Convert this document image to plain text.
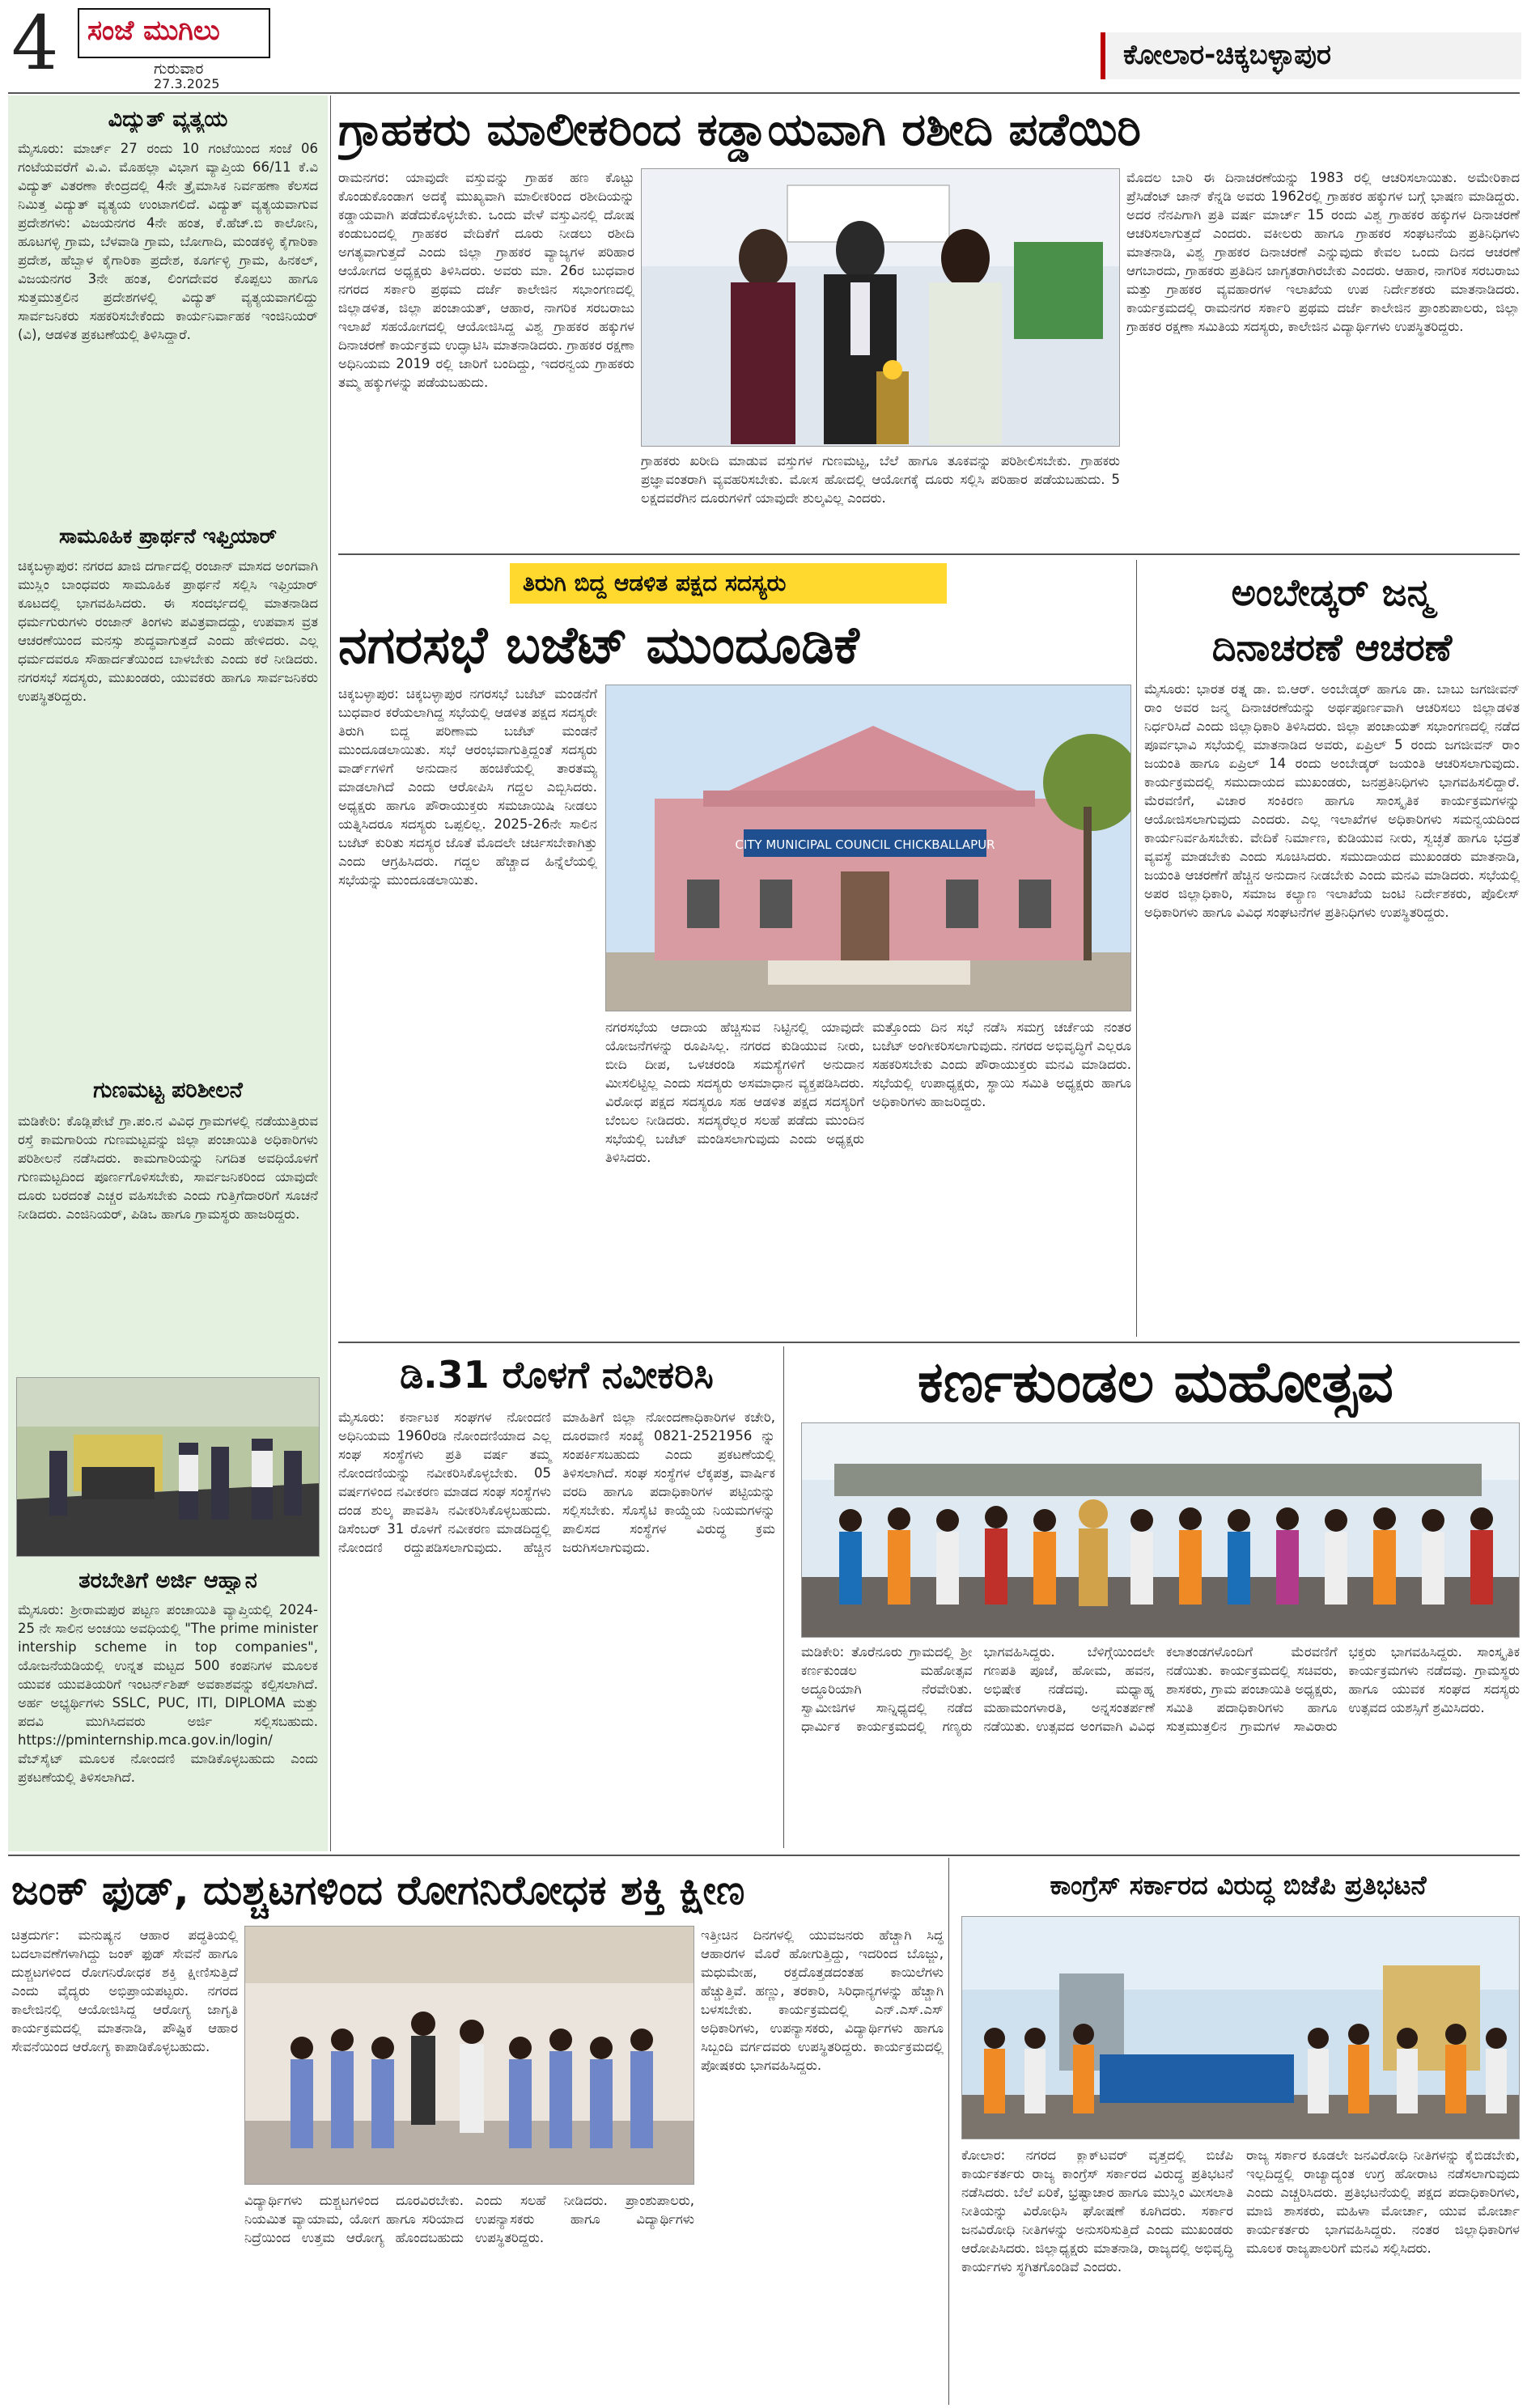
4	ಸಂಜೆ ಮುಗಿಲು
ಗುರುವಾರ
27.3.2025
ಕೋಲಾರ-ಚಿಕ್ಕಬಳ್ಳಾಪುರ
ವಿದ್ಯುತ್ ವ್ಯತ್ಯಯ
ಮೈಸೂರು: ಮಾರ್ಚ್ 27 ರಂದು 10 ಗಂಟೆಯಿಂದ ಸಂಜೆ 06 ಗಂಟೆಯವರೆಗೆ ವಿ.ವಿ. ಮೊಹಲ್ಲಾ ವಿಭಾಗ ವ್ಯಾಪ್ತಿಯ 66/11 ಕೆ.ವಿ ವಿದ್ಯುತ್ ವಿತರಣಾ ಕೇಂದ್ರದಲ್ಲಿ 4ನೇ ತ್ರೈಮಾಸಿಕ ನಿರ್ವಹಣಾ ಕೆಲಸದ ನಿಮಿತ್ತ ವಿದ್ಯುತ್ ವ್ಯತ್ಯಯ ಉಂಟಾಗಲಿದೆ. ವಿದ್ಯುತ್ ವ್ಯತ್ಯಯವಾಗುವ ಪ್ರದೇಶಗಳು: ವಿಜಯನಗರ 4ನೇ ಹಂತ, ಕೆ.ಹೆಚ್.ಬಿ ಕಾಲೋನಿ, ಹೂಟಗಳ್ಳಿ ಗ್ರಾಮ, ಬೆಳವಾಡಿ ಗ್ರಾಮ, ಬೋಗಾದಿ, ಮಂಡಕಳ್ಳಿ ಕೈಗಾರಿಕಾ ಪ್ರದೇಶ, ಹೆಬ್ಬಾಳ ಕೈಗಾರಿಕಾ ಪ್ರದೇಶ, ಕೂರ್ಗಳ್ಳಿ ಗ್ರಾಮ, ಹಿನಕಲ್, ವಿಜಯನಗರ 3ನೇ ಹಂತ, ಲಿಂಗದೇವರ ಕೊಪ್ಪಲು ಹಾಗೂ ಸುತ್ತಮುತ್ತಲಿನ ಪ್ರದೇಶಗಳಲ್ಲಿ ವಿದ್ಯುತ್ ವ್ಯತ್ಯಯವಾಗಲಿದ್ದು ಸಾರ್ವಜನಿಕರು ಸಹಕರಿಸಬೇಕೆಂದು ಕಾರ್ಯನಿರ್ವಾಹಕ ಇಂಜಿನಿಯರ್ (ವಿ), ಆಡಳಿತ ಪ್ರಕಟಣೆಯಲ್ಲಿ ತಿಳಿಸಿದ್ದಾರೆ.
ಸಾಮೂಹಿಕ ಪ್ರಾರ್ಥನೆ ಇಫ್ತಿಯಾರ್
ಚಿಕ್ಕಬಳ್ಳಾಪುರ: ನಗರದ ಖಾಜಿ ದರ್ಗಾದಲ್ಲಿ ರಂಜಾನ್ ಮಾಸದ ಅಂಗವಾಗಿ ಮುಸ್ಲಿಂ ಬಾಂಧವರು ಸಾಮೂಹಿಕ ಪ್ರಾರ್ಥನೆ ಸಲ್ಲಿಸಿ ಇಫ್ತಿಯಾರ್ ಕೂಟದಲ್ಲಿ ಭಾಗವಹಿಸಿದರು. ಈ ಸಂದರ್ಭದಲ್ಲಿ ಮಾತನಾಡಿದ ಧರ್ಮಗುರುಗಳು ರಂಜಾನ್ ತಿಂಗಳು ಪವಿತ್ರವಾದದ್ದು, ಉಪವಾಸ ವ್ರತ ಆಚರಣೆಯಿಂದ ಮನಸ್ಸು ಶುದ್ಧವಾಗುತ್ತದೆ ಎಂದು ಹೇಳಿದರು. ಎಲ್ಲ ಧರ್ಮದವರೂ ಸೌಹಾರ್ದತೆಯಿಂದ ಬಾಳಬೇಕು ಎಂದು ಕರೆ ನೀಡಿದರು. ನಗರಸಭೆ ಸದಸ್ಯರು, ಮುಖಂಡರು, ಯುವಕರು ಹಾಗೂ ಸಾರ್ವಜನಿಕರು ಉಪಸ್ಥಿತರಿದ್ದರು.
ಗುಣಮಟ್ಟ ಪರಿಶೀಲನೆ
ಮಡಿಕೇರಿ: ಕೊಡ್ಲಿಪೇಟೆ ಗ್ರಾ.ಪಂ.ನ ವಿವಿಧ ಗ್ರಾಮಗಳಲ್ಲಿ ನಡೆಯುತ್ತಿರುವ ರಸ್ತೆ ಕಾಮಗಾರಿಯ ಗುಣಮಟ್ಟವನ್ನು ಜಿಲ್ಲಾ ಪಂಚಾಯಿತಿ ಅಧಿಕಾರಿಗಳು ಪರಿಶೀಲನೆ ನಡೆಸಿದರು. ಕಾಮಗಾರಿಯನ್ನು ನಿಗದಿತ ಅವಧಿಯೊಳಗೆ ಗುಣಮಟ್ಟದಿಂದ ಪೂರ್ಣಗೊಳಿಸಬೇಕು, ಸಾರ್ವಜನಿಕರಿಂದ ಯಾವುದೇ ದೂರು ಬರದಂತೆ ಎಚ್ಚರ ವಹಿಸಬೇಕು ಎಂದು ಗುತ್ತಿಗೆದಾರರಿಗೆ ಸೂಚನೆ ನೀಡಿದರು. ಎಂಜಿನಿಯರ್, ಪಿಡಿಒ ಹಾಗೂ ಗ್ರಾಮಸ್ಥರು ಹಾಜರಿದ್ದರು.
ತರಬೇತಿಗೆ ಅರ್ಜಿ ಆಹ್ವಾನ
ಮೈಸೂರು: ಶ್ರೀರಾಮಪುರ ಪಟ್ಟಣ ಪಂಚಾಯಿತಿ ವ್ಯಾಪ್ತಿಯಲ್ಲಿ 2024-25 ನೇ ಸಾಲಿನ ಅಂಚಯಿ ಅವಧಿಯಲ್ಲಿ "The prime minister intership scheme in top companies", ಯೋಜನೆಯಡಿಯಲ್ಲಿ ಉನ್ನತ ಮಟ್ಟದ 500 ಕಂಪನಿಗಳ ಮೂಲಕ ಯುವಕ ಯುವತಿಯರಿಗೆ ಇಂಟರ್ನ್‌ಶಿಪ್ ಅವಕಾಶವನ್ನು ಕಲ್ಪಿಸಲಾಗಿದೆ. ಅರ್ಹ ಅಭ್ಯರ್ಥಿಗಳು SSLC, PUC, ITI, DIPLOMA ಮತ್ತು ಪದವಿ ಮುಗಿಸಿದವರು ಅರ್ಜಿ ಸಲ್ಲಿಸಬಹುದು. https://pminternship.mca.gov.in/login/ ವೆಬ್‌ಸೈಟ್ ಮೂಲಕ ನೋಂದಣಿ ಮಾಡಿಕೊಳ್ಳಬಹುದು ಎಂದು ಪ್ರಕಟಣೆಯಲ್ಲಿ ತಿಳಿಸಲಾಗಿದೆ.
ಗ್ರಾಹಕರು ಮಾಲೀಕರಿಂದ ಕಡ್ಡಾಯವಾಗಿ ರಶೀದಿ ಪಡೆಯಿರಿ
ರಾಮನಗರ: ಯಾವುದೇ ವಸ್ತುವನ್ನು ಗ್ರಾಹಕ ಹಣ ಕೊಟ್ಟು ಕೊಂಡುಕೊಂಡಾಗ ಅದಕ್ಕೆ ಮುಖ್ಯವಾಗಿ ಮಾಲೀಕರಿಂದ ರಶೀದಿಯನ್ನು ಕಡ್ಡಾಯವಾಗಿ ಪಡೆದುಕೊಳ್ಳಬೇಕು. ಒಂದು ವೇಳೆ ವಸ್ತುವಿನಲ್ಲಿ ದೋಷ ಕಂಡುಬಂದಲ್ಲಿ ಗ್ರಾಹಕರ ವೇದಿಕೆಗೆ ದೂರು ನೀಡಲು ರಶೀದಿ ಅಗತ್ಯವಾಗುತ್ತದೆ ಎಂದು ಜಿಲ್ಲಾ ಗ್ರಾಹಕರ ವ್ಯಾಜ್ಯಗಳ ಪರಿಹಾರ ಆಯೋಗದ ಅಧ್ಯಕ್ಷರು ತಿಳಿಸಿದರು. ಅವರು ಮಾ. 26ರ ಬುಧವಾರ ನಗರದ ಸರ್ಕಾರಿ ಪ್ರಥಮ ದರ್ಜೆ ಕಾಲೇಜಿನ ಸಭಾಂಗಣದಲ್ಲಿ ಜಿಲ್ಲಾಡಳಿತ, ಜಿಲ್ಲಾ ಪಂಚಾಯತ್, ಆಹಾರ, ನಾಗರಿಕ ಸರಬರಾಜು ಇಲಾಖೆ ಸಹಯೋಗದಲ್ಲಿ ಆಯೋಜಿಸಿದ್ದ ವಿಶ್ವ ಗ್ರಾಹಕರ ಹಕ್ಕುಗಳ ದಿನಾಚರಣೆ ಕಾರ್ಯಕ್ರಮ ಉದ್ಘಾಟಿಸಿ ಮಾತನಾಡಿದರು. ಗ್ರಾಹಕರ ರಕ್ಷಣಾ ಅಧಿನಿಯಮ 2019 ರಲ್ಲಿ ಜಾರಿಗೆ ಬಂದಿದ್ದು, ಇದರನ್ವಯ ಗ್ರಾಹಕರು ತಮ್ಮ ಹಕ್ಕುಗಳನ್ನು ಪಡೆಯಬಹುದು.
ಗ್ರಾಹಕರು ಖರೀದಿ ಮಾಡುವ ವಸ್ತುಗಳ ಗುಣಮಟ್ಟ, ಬೆಲೆ ಹಾಗೂ ತೂಕವನ್ನು ಪರಿಶೀಲಿಸಬೇಕು. ಗ್ರಾಹಕರು ಪ್ರಜ್ಞಾವಂತರಾಗಿ ವ್ಯವಹರಿಸಬೇಕು. ಮೋಸ ಹೋದಲ್ಲಿ ಆಯೋಗಕ್ಕೆ ದೂರು ಸಲ್ಲಿಸಿ ಪರಿಹಾರ ಪಡೆಯಬಹುದು. 5 ಲಕ್ಷದವರೆಗಿನ ದೂರುಗಳಿಗೆ ಯಾವುದೇ ಶುಲ್ಕವಿಲ್ಲ ಎಂದರು.
ಮೊದಲ ಬಾರಿ ಈ ದಿನಾಚರಣೆಯನ್ನು 1983 ರಲ್ಲಿ ಆಚರಿಸಲಾಯಿತು. ಅಮೇರಿಕಾದ ಪ್ರೆಸಿಡೆಂಟ್ ಜಾನ್ ಕೆನ್ನಡಿ ಅವರು 1962ರಲ್ಲಿ ಗ್ರಾಹಕರ ಹಕ್ಕುಗಳ ಬಗ್ಗೆ ಭಾಷಣ ಮಾಡಿದ್ದರು. ಅದರ ನೆನಪಿಗಾಗಿ ಪ್ರತಿ ವರ್ಷ ಮಾರ್ಚ್ 15 ರಂದು ವಿಶ್ವ ಗ್ರಾಹಕರ ಹಕ್ಕುಗಳ ದಿನಾಚರಣೆ ಆಚರಿಸಲಾಗುತ್ತದೆ ಎಂದರು. ವಕೀಲರು ಹಾಗೂ ಗ್ರಾಹಕರ ಸಂಘಟನೆಯ ಪ್ರತಿನಿಧಿಗಳು ಮಾತನಾಡಿ, ವಿಶ್ವ ಗ್ರಾಹಕರ ದಿನಾಚರಣೆ ಎನ್ನುವುದು ಕೇವಲ ಒಂದು ದಿನದ ಆಚರಣೆ ಆಗಬಾರದು, ಗ್ರಾಹಕರು ಪ್ರತಿದಿನ ಜಾಗೃತರಾಗಿರಬೇಕು ಎಂದರು. ಆಹಾರ, ನಾಗರಿಕ ಸರಬರಾಜು ಮತ್ತು ಗ್ರಾಹಕರ ವ್ಯವಹಾರಗಳ ಇಲಾಖೆಯ ಉಪ ನಿರ್ದೇಶಕರು ಮಾತನಾಡಿದರು. ಕಾರ್ಯಕ್ರಮದಲ್ಲಿ ರಾಮನಗರ ಸರ್ಕಾರಿ ಪ್ರಥಮ ದರ್ಜೆ ಕಾಲೇಜಿನ ಪ್ರಾಂಶುಪಾಲರು, ಜಿಲ್ಲಾ ಗ್ರಾಹಕರ ರಕ್ಷಣಾ ಸಮಿತಿಯ ಸದಸ್ಯರು, ಕಾಲೇಜಿನ ವಿದ್ಯಾರ್ಥಿಗಳು ಉಪಸ್ಥಿತರಿದ್ದರು.
ತಿರುಗಿ ಬಿದ್ದ ಆಡಳಿತ ಪಕ್ಷದ ಸದಸ್ಯರು
ನಗರಸಭೆ ಬಜೆಟ್ ಮುಂದೂಡಿಕೆ
ಚಿಕ್ಕಬಳ್ಳಾಪುರ: ಚಿಕ್ಕಬಳ್ಳಾಪುರ ನಗರಸಭೆ ಬಜೆಟ್ ಮಂಡನೆಗೆ ಬುಧವಾರ ಕರೆಯಲಾಗಿದ್ದ ಸಭೆಯಲ್ಲಿ ಆಡಳಿತ ಪಕ್ಷದ ಸದಸ್ಯರೇ ತಿರುಗಿ ಬಿದ್ದ ಪರಿಣಾಮ ಬಜೆಟ್ ಮಂಡನೆ ಮುಂದೂಡಲಾಯಿತು. ಸಭೆ ಆರಂಭವಾಗುತ್ತಿದ್ದಂತೆ ಸದಸ್ಯರು ವಾರ್ಡ್‌ಗಳಿಗೆ ಅನುದಾನ ಹಂಚಿಕೆಯಲ್ಲಿ ತಾರತಮ್ಯ ಮಾಡಲಾಗಿದೆ ಎಂದು ಆರೋಪಿಸಿ ಗದ್ದಲ ಎಬ್ಬಿಸಿದರು. ಅಧ್ಯಕ್ಷರು ಹಾಗೂ ಪೌರಾಯುಕ್ತರು ಸಮಜಾಯಿಷಿ ನೀಡಲು ಯತ್ನಿಸಿದರೂ ಸದಸ್ಯರು ಒಪ್ಪಲಿಲ್ಲ. 2025-26ನೇ ಸಾಲಿನ ಬಜೆಟ್ ಕುರಿತು ಸದಸ್ಯರ ಜೊತೆ ಮೊದಲೇ ಚರ್ಚಿಸಬೇಕಾಗಿತ್ತು ಎಂದು ಆಗ್ರಹಿಸಿದರು. ಗದ್ದಲ ಹೆಚ್ಚಾದ ಹಿನ್ನೆಲೆಯಲ್ಲಿ ಸಭೆಯನ್ನು ಮುಂದೂಡಲಾಯಿತು.
CITY MUNICIPAL COUNCIL CHICKBALLAPUR
ನಗರಸಭೆಯ ಆದಾಯ ಹೆಚ್ಚಿಸುವ ನಿಟ್ಟಿನಲ್ಲಿ ಯಾವುದೇ ಯೋಜನೆಗಳನ್ನು ರೂಪಿಸಿಲ್ಲ. ನಗರದ ಕುಡಿಯುವ ನೀರು, ಬೀದಿ ದೀಪ, ಒಳಚರಂಡಿ ಸಮಸ್ಯೆಗಳಿಗೆ ಅನುದಾನ ಮೀಸಲಿಟ್ಟಿಲ್ಲ ಎಂದು ಸದಸ್ಯರು ಅಸಮಾಧಾನ ವ್ಯಕ್ತಪಡಿಸಿದರು. ವಿರೋಧ ಪಕ್ಷದ ಸದಸ್ಯರೂ ಸಹ ಆಡಳಿತ ಪಕ್ಷದ ಸದಸ್ಯರಿಗೆ ಬೆಂಬಲ ನೀಡಿದರು. ಸದಸ್ಯರೆಲ್ಲರ ಸಲಹೆ ಪಡೆದು ಮುಂದಿನ ಸಭೆಯಲ್ಲಿ ಬಜೆಟ್ ಮಂಡಿಸಲಾಗುವುದು ಎಂದು ಅಧ್ಯಕ್ಷರು ತಿಳಿಸಿದರು.
ಮತ್ತೊಂದು ದಿನ ಸಭೆ ನಡೆಸಿ ಸಮಗ್ರ ಚರ್ಚೆಯ ನಂತರ ಬಜೆಟ್ ಅಂಗೀಕರಿಸಲಾಗುವುದು. ನಗರದ ಅಭಿವೃದ್ಧಿಗೆ ಎಲ್ಲರೂ ಸಹಕರಿಸಬೇಕು ಎಂದು ಪೌರಾಯುಕ್ತರು ಮನವಿ ಮಾಡಿದರು. ಸಭೆಯಲ್ಲಿ ಉಪಾಧ್ಯಕ್ಷರು, ಸ್ಥಾಯಿ ಸಮಿತಿ ಅಧ್ಯಕ್ಷರು ಹಾಗೂ ಅಧಿಕಾರಿಗಳು ಹಾಜರಿದ್ದರು.
ಅಂಬೇಡ್ಕರ್ ಜನ್ಮ
ದಿನಾಚರಣೆ ಆಚರಣೆ
ಮೈಸೂರು: ಭಾರತ ರತ್ನ ಡಾ. ಬಿ.ಆರ್. ಅಂಬೇಡ್ಕರ್ ಹಾಗೂ ಡಾ. ಬಾಬು ಜಗಜೀವನ್ ರಾಂ ಅವರ ಜನ್ಮ ದಿನಾಚರಣೆಯನ್ನು ಅರ್ಥಪೂರ್ಣವಾಗಿ ಆಚರಿಸಲು ಜಿಲ್ಲಾಡಳಿತ ನಿರ್ಧರಿಸಿದೆ ಎಂದು ಜಿಲ್ಲಾಧಿಕಾರಿ ತಿಳಿಸಿದರು. ಜಿಲ್ಲಾ ಪಂಚಾಯತ್ ಸಭಾಂಗಣದಲ್ಲಿ ನಡೆದ ಪೂರ್ವಭಾವಿ ಸಭೆಯಲ್ಲಿ ಮಾತನಾಡಿದ ಅವರು, ಏಪ್ರಿಲ್ 5 ರಂದು ಜಗಜೀವನ್ ರಾಂ ಜಯಂತಿ ಹಾಗೂ ಏಪ್ರಿಲ್ 14 ರಂದು ಅಂಬೇಡ್ಕರ್ ಜಯಂತಿ ಆಚರಿಸಲಾಗುವುದು. ಕಾರ್ಯಕ್ರಮದಲ್ಲಿ ಸಮುದಾಯದ ಮುಖಂಡರು, ಜನಪ್ರತಿನಿಧಿಗಳು ಭಾಗವಹಿಸಲಿದ್ದಾರೆ. ಮೆರವಣಿಗೆ, ವಿಚಾರ ಸಂಕಿರಣ ಹಾಗೂ ಸಾಂಸ್ಕೃತಿಕ ಕಾರ್ಯಕ್ರಮಗಳನ್ನು ಆಯೋಜಿಸಲಾಗುವುದು ಎಂದರು. ಎಲ್ಲ ಇಲಾಖೆಗಳ ಅಧಿಕಾರಿಗಳು ಸಮನ್ವಯದಿಂದ ಕಾರ್ಯನಿರ್ವಹಿಸಬೇಕು. ವೇದಿಕೆ ನಿರ್ಮಾಣ, ಕುಡಿಯುವ ನೀರು, ಸ್ವಚ್ಛತೆ ಹಾಗೂ ಭದ್ರತೆ ವ್ಯವಸ್ಥೆ ಮಾಡಬೇಕು ಎಂದು ಸೂಚಿಸಿದರು. ಸಮುದಾಯದ ಮುಖಂಡರು ಮಾತನಾಡಿ, ಜಯಂತಿ ಆಚರಣೆಗೆ ಹೆಚ್ಚಿನ ಅನುದಾನ ನೀಡಬೇಕು ಎಂದು ಮನವಿ ಮಾಡಿದರು. ಸಭೆಯಲ್ಲಿ ಅಪರ ಜಿಲ್ಲಾಧಿಕಾರಿ, ಸಮಾಜ ಕಲ್ಯಾಣ ಇಲಾಖೆಯ ಜಂಟಿ ನಿರ್ದೇಶಕರು, ಪೊಲೀಸ್ ಅಧಿಕಾರಿಗಳು ಹಾಗೂ ವಿವಿಧ ಸಂಘಟನೆಗಳ ಪ್ರತಿನಿಧಿಗಳು ಉಪಸ್ಥಿತರಿದ್ದರು.
ಡಿ.31 ರೊಳಗೆ ನವೀಕರಿಸಿ
ಮೈಸೂರು: ಕರ್ನಾಟಕ ಸಂಘಗಳ ನೋಂದಣಿ ಅಧಿನಿಯಮ 1960ರಡಿ ನೋಂದಣಿಯಾದ ಎಲ್ಲ ಸಂಘ ಸಂಸ್ಥೆಗಳು ಪ್ರತಿ ವರ್ಷ ತಮ್ಮ ನೋಂದಣಿಯನ್ನು ನವೀಕರಿಸಿಕೊಳ್ಳಬೇಕು. 05 ವರ್ಷಗಳಿಂದ ನವೀಕರಣ ಮಾಡದ ಸಂಘ ಸಂಸ್ಥೆಗಳು ದಂಡ ಶುಲ್ಕ ಪಾವತಿಸಿ ನವೀಕರಿಸಿಕೊಳ್ಳಬಹುದು. ಡಿಸೆಂಬರ್ 31 ರೊಳಗೆ ನವೀಕರಣ ಮಾಡದಿದ್ದಲ್ಲಿ ನೋಂದಣಿ ರದ್ದುಪಡಿಸಲಾಗುವುದು. ಹೆಚ್ಚಿನ ಮಾಹಿತಿಗೆ ಜಿಲ್ಲಾ ನೋಂದಣಾಧಿಕಾರಿಗಳ ಕಚೇರಿ, ದೂರವಾಣಿ ಸಂಖ್ಯೆ 0821-2521956 ನ್ನು ಸಂಪರ್ಕಿಸಬಹುದು ಎಂದು ಪ್ರಕಟಣೆಯಲ್ಲಿ ತಿಳಿಸಲಾಗಿದೆ. ಸಂಘ ಸಂಸ್ಥೆಗಳ ಲೆಕ್ಕಪತ್ರ, ವಾರ್ಷಿಕ ವರದಿ ಹಾಗೂ ಪದಾಧಿಕಾರಿಗಳ ಪಟ್ಟಿಯನ್ನು ಸಲ್ಲಿಸಬೇಕು. ಸೊಸೈಟಿ ಕಾಯ್ದೆಯ ನಿಯಮಗಳನ್ನು ಪಾಲಿಸದ ಸಂಸ್ಥೆಗಳ ವಿರುದ್ಧ ಕ್ರಮ ಜರುಗಿಸಲಾಗುವುದು.
ಕರ್ಣಕುಂಡಲ ಮಹೋತ್ಸವ
ಮಡಿಕೇರಿ: ತೊರೆನೂರು ಗ್ರಾಮದಲ್ಲಿ ಶ್ರೀ ಕರ್ಣಕುಂಡಲ ಮಹೋತ್ಸವ ಅದ್ಧೂರಿಯಾಗಿ ನೆರವೇರಿತು. ಸ್ವಾಮೀಜಿಗಳ ಸಾನ್ನಿಧ್ಯದಲ್ಲಿ ನಡೆದ ಧಾರ್ಮಿಕ ಕಾರ್ಯಕ್ರಮದಲ್ಲಿ ಗಣ್ಯರು ಭಾಗವಹಿಸಿದ್ದರು. ಬೆಳಿಗ್ಗೆಯಿಂದಲೇ ಗಣಪತಿ ಪೂಜೆ, ಹೋಮ, ಹವನ, ಅಭಿಷೇಕ ನಡೆದವು. ಮಧ್ಯಾಹ್ನ ಮಹಾಮಂಗಳಾರತಿ, ಅನ್ನಸಂತರ್ಪಣೆ ನಡೆಯಿತು. ಉತ್ಸವದ ಅಂಗವಾಗಿ ವಿವಿಧ ಕಲಾತಂಡಗಳೊಂದಿಗೆ ಮೆರವಣಿಗೆ ನಡೆಯಿತು. ಕಾರ್ಯಕ್ರಮದಲ್ಲಿ ಸಚಿವರು, ಶಾಸಕರು, ಗ್ರಾಮ ಪಂಚಾಯಿತಿ ಅಧ್ಯಕ್ಷರು, ಸಮಿತಿ ಪದಾಧಿಕಾರಿಗಳು ಹಾಗೂ ಸುತ್ತಮುತ್ತಲಿನ ಗ್ರಾಮಗಳ ಸಾವಿರಾರು ಭಕ್ತರು ಭಾಗವಹಿಸಿದ್ದರು. ಸಾಂಸ್ಕೃತಿಕ ಕಾರ್ಯಕ್ರಮಗಳು ನಡೆದವು. ಗ್ರಾಮಸ್ಥರು ಹಾಗೂ ಯುವಕ ಸಂಘದ ಸದಸ್ಯರು ಉತ್ಸವದ ಯಶಸ್ಸಿಗೆ ಶ್ರಮಿಸಿದರು.
ಜಂಕ್ ಫುಡ್, ದುಶ್ಚಟಗಳಿಂದ ರೋಗನಿರೋಧಕ ಶಕ್ತಿ ಕ್ಷೀಣ
ಚಿತ್ರದುರ್ಗ: ಮನುಷ್ಯನ ಆಹಾರ ಪದ್ಧತಿಯಲ್ಲಿ ಬದಲಾವಣೆಗಳಾಗಿದ್ದು ಜಂಕ್ ಫುಡ್ ಸೇವನೆ ಹಾಗೂ ದುಶ್ಚಟಗಳಿಂದ ರೋಗನಿರೋಧಕ ಶಕ್ತಿ ಕ್ಷೀಣಿಸುತ್ತಿದೆ ಎಂದು ವೈದ್ಯರು ಅಭಿಪ್ರಾಯಪಟ್ಟರು. ನಗರದ ಕಾಲೇಜಿನಲ್ಲಿ ಆಯೋಜಿಸಿದ್ದ ಆರೋಗ್ಯ ಜಾಗೃತಿ ಕಾರ್ಯಕ್ರಮದಲ್ಲಿ ಮಾತನಾಡಿ, ಪೌಷ್ಟಿಕ ಆಹಾರ ಸೇವನೆಯಿಂದ ಆರೋಗ್ಯ ಕಾಪಾಡಿಕೊಳ್ಳಬಹುದು.
ವಿದ್ಯಾರ್ಥಿಗಳು ದುಶ್ಚಟಗಳಿಂದ ದೂರವಿರಬೇಕು. ನಿಯಮಿತ ವ್ಯಾಯಾಮ, ಯೋಗ ಹಾಗೂ ಸರಿಯಾದ ನಿದ್ರೆಯಿಂದ ಉತ್ತಮ ಆರೋಗ್ಯ ಹೊಂದಬಹುದು ಎಂದು ಸಲಹೆ ನೀಡಿದರು. ಪ್ರಾಂಶುಪಾಲರು, ಉಪನ್ಯಾಸಕರು ಹಾಗೂ ವಿದ್ಯಾರ್ಥಿಗಳು ಉಪಸ್ಥಿತರಿದ್ದರು.
ಇತ್ತೀಚಿನ ದಿನಗಳಲ್ಲಿ ಯುವಜನರು ಹೆಚ್ಚಾಗಿ ಸಿದ್ಧ ಆಹಾರಗಳ ಮೊರೆ ಹೋಗುತ್ತಿದ್ದು, ಇದರಿಂದ ಬೊಜ್ಜು, ಮಧುಮೇಹ, ರಕ್ತದೊತ್ತಡದಂತಹ ಕಾಯಿಲೆಗಳು ಹೆಚ್ಚುತ್ತಿವೆ. ಹಣ್ಣು, ತರಕಾರಿ, ಸಿರಿಧಾನ್ಯಗಳನ್ನು ಹೆಚ್ಚಾಗಿ ಬಳಸಬೇಕು. ಕಾರ್ಯಕ್ರಮದಲ್ಲಿ ಎನ್.ಎಸ್.ಎಸ್ ಅಧಿಕಾರಿಗಳು, ಉಪನ್ಯಾಸಕರು, ವಿದ್ಯಾರ್ಥಿಗಳು ಹಾಗೂ ಸಿಬ್ಬಂದಿ ವರ್ಗದವರು ಉಪಸ್ಥಿತರಿದ್ದರು. ಕಾರ್ಯಕ್ರಮದಲ್ಲಿ ಪೋಷಕರು ಭಾಗವಹಿಸಿದ್ದರು.
ಕಾಂಗ್ರೆಸ್ ಸರ್ಕಾರದ ವಿರುದ್ಧ ಬಿಜೆಪಿ ಪ್ರತಿಭಟನೆ
ಕೋಲಾರ: ನಗರದ ಕ್ಲಾಕ್‌ಟವರ್ ವೃತ್ತದಲ್ಲಿ ಬಿಜೆಪಿ ಕಾರ್ಯಕರ್ತರು ರಾಜ್ಯ ಕಾಂಗ್ರೆಸ್ ಸರ್ಕಾರದ ವಿರುದ್ಧ ಪ್ರತಿಭಟನೆ ನಡೆಸಿದರು. ಬೆಲೆ ಏರಿಕೆ, ಭ್ರಷ್ಟಾಚಾರ ಹಾಗೂ ಮುಸ್ಲಿಂ ಮೀಸಲಾತಿ ನೀತಿಯನ್ನು ವಿರೋಧಿಸಿ ಘೋಷಣೆ ಕೂಗಿದರು. ಸರ್ಕಾರ ಜನವಿರೋಧಿ ನೀತಿಗಳನ್ನು ಅನುಸರಿಸುತ್ತಿದೆ ಎಂದು ಮುಖಂಡರು ಆರೋಪಿಸಿದರು. ಜಿಲ್ಲಾಧ್ಯಕ್ಷರು ಮಾತನಾಡಿ, ರಾಜ್ಯದಲ್ಲಿ ಅಭಿವೃದ್ಧಿ ಕಾರ್ಯಗಳು ಸ್ಥಗಿತಗೊಂಡಿವೆ ಎಂದರು.
ರಾಜ್ಯ ಸರ್ಕಾರ ಕೂಡಲೇ ಜನವಿರೋಧಿ ನೀತಿಗಳನ್ನು ಕೈಬಿಡಬೇಕು, ಇಲ್ಲದಿದ್ದಲ್ಲಿ ರಾಜ್ಯಾದ್ಯಂತ ಉಗ್ರ ಹೋರಾಟ ನಡೆಸಲಾಗುವುದು ಎಂದು ಎಚ್ಚರಿಸಿದರು. ಪ್ರತಿಭಟನೆಯಲ್ಲಿ ಪಕ್ಷದ ಪದಾಧಿಕಾರಿಗಳು, ಮಾಜಿ ಶಾಸಕರು, ಮಹಿಳಾ ಮೋರ್ಚಾ, ಯುವ ಮೋರ್ಚಾ ಕಾರ್ಯಕರ್ತರು ಭಾಗವಹಿಸಿದ್ದರು. ನಂತರ ಜಿಲ್ಲಾಧಿಕಾರಿಗಳ ಮೂಲಕ ರಾಜ್ಯಪಾಲರಿಗೆ ಮನವಿ ಸಲ್ಲಿಸಿದರು.
